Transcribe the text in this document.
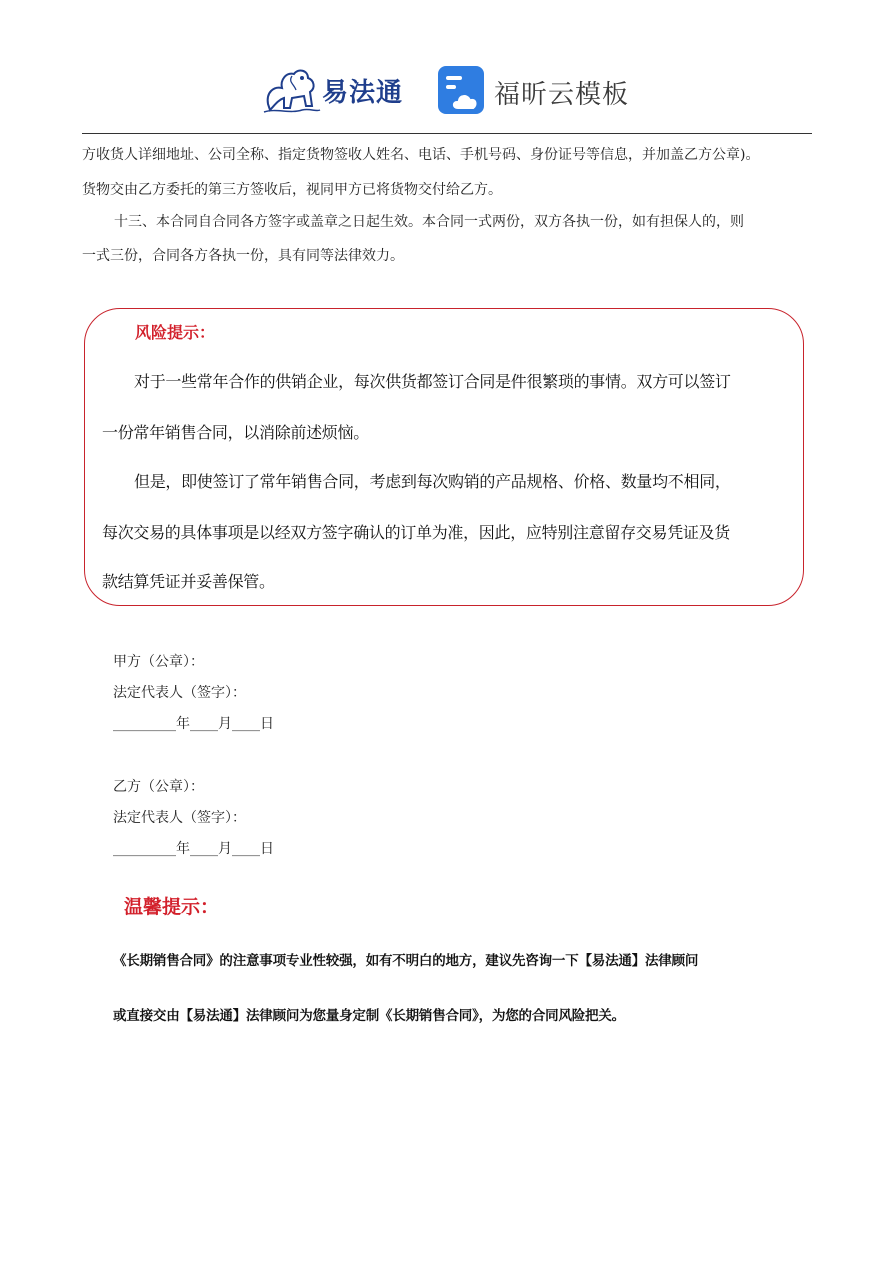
易法通	福昕云模板
方收货人详细地址、公司全称、指定货物签收人姓名、电话、手机号码、身份证号等信息，并加盖乙方公章)。
货物交由乙方委托的第三方签收后，视同甲方已将货物交付给乙方。
十三、本合同自合同各方签字或盖章之日起生效。本合同一式两份，双方各执一份，如有担保人的，则
一式三份，合同各方各执一份，具有同等法律效力。
风险提示：
对于一些常年合作的供销企业，每次供货都签订合同是件很繁琐的事情。双方可以签订
一份常年销售合同，以消除前述烦恼。
但是，即使签订了常年销售合同，考虑到每次购销的产品规格、价格、数量均不相同，
每次交易的具体事项是以经双方签字确认的订单为准，因此，应特别注意留存交易凭证及货
款结算凭证并妥善保管。
甲方（公章）：
法定代表人（签字）：
_________年____月____日
乙方（公章）：
法定代表人（签字）：
_________年____月____日
温馨提示：
《长期销售合同》的注意事项专业性较强，如有不明白的地方，建议先咨询一下【易法通】法律顾问
或直接交由【易法通】法律顾问为您量身定制《长期销售合同》，为您的合同风险把关。
